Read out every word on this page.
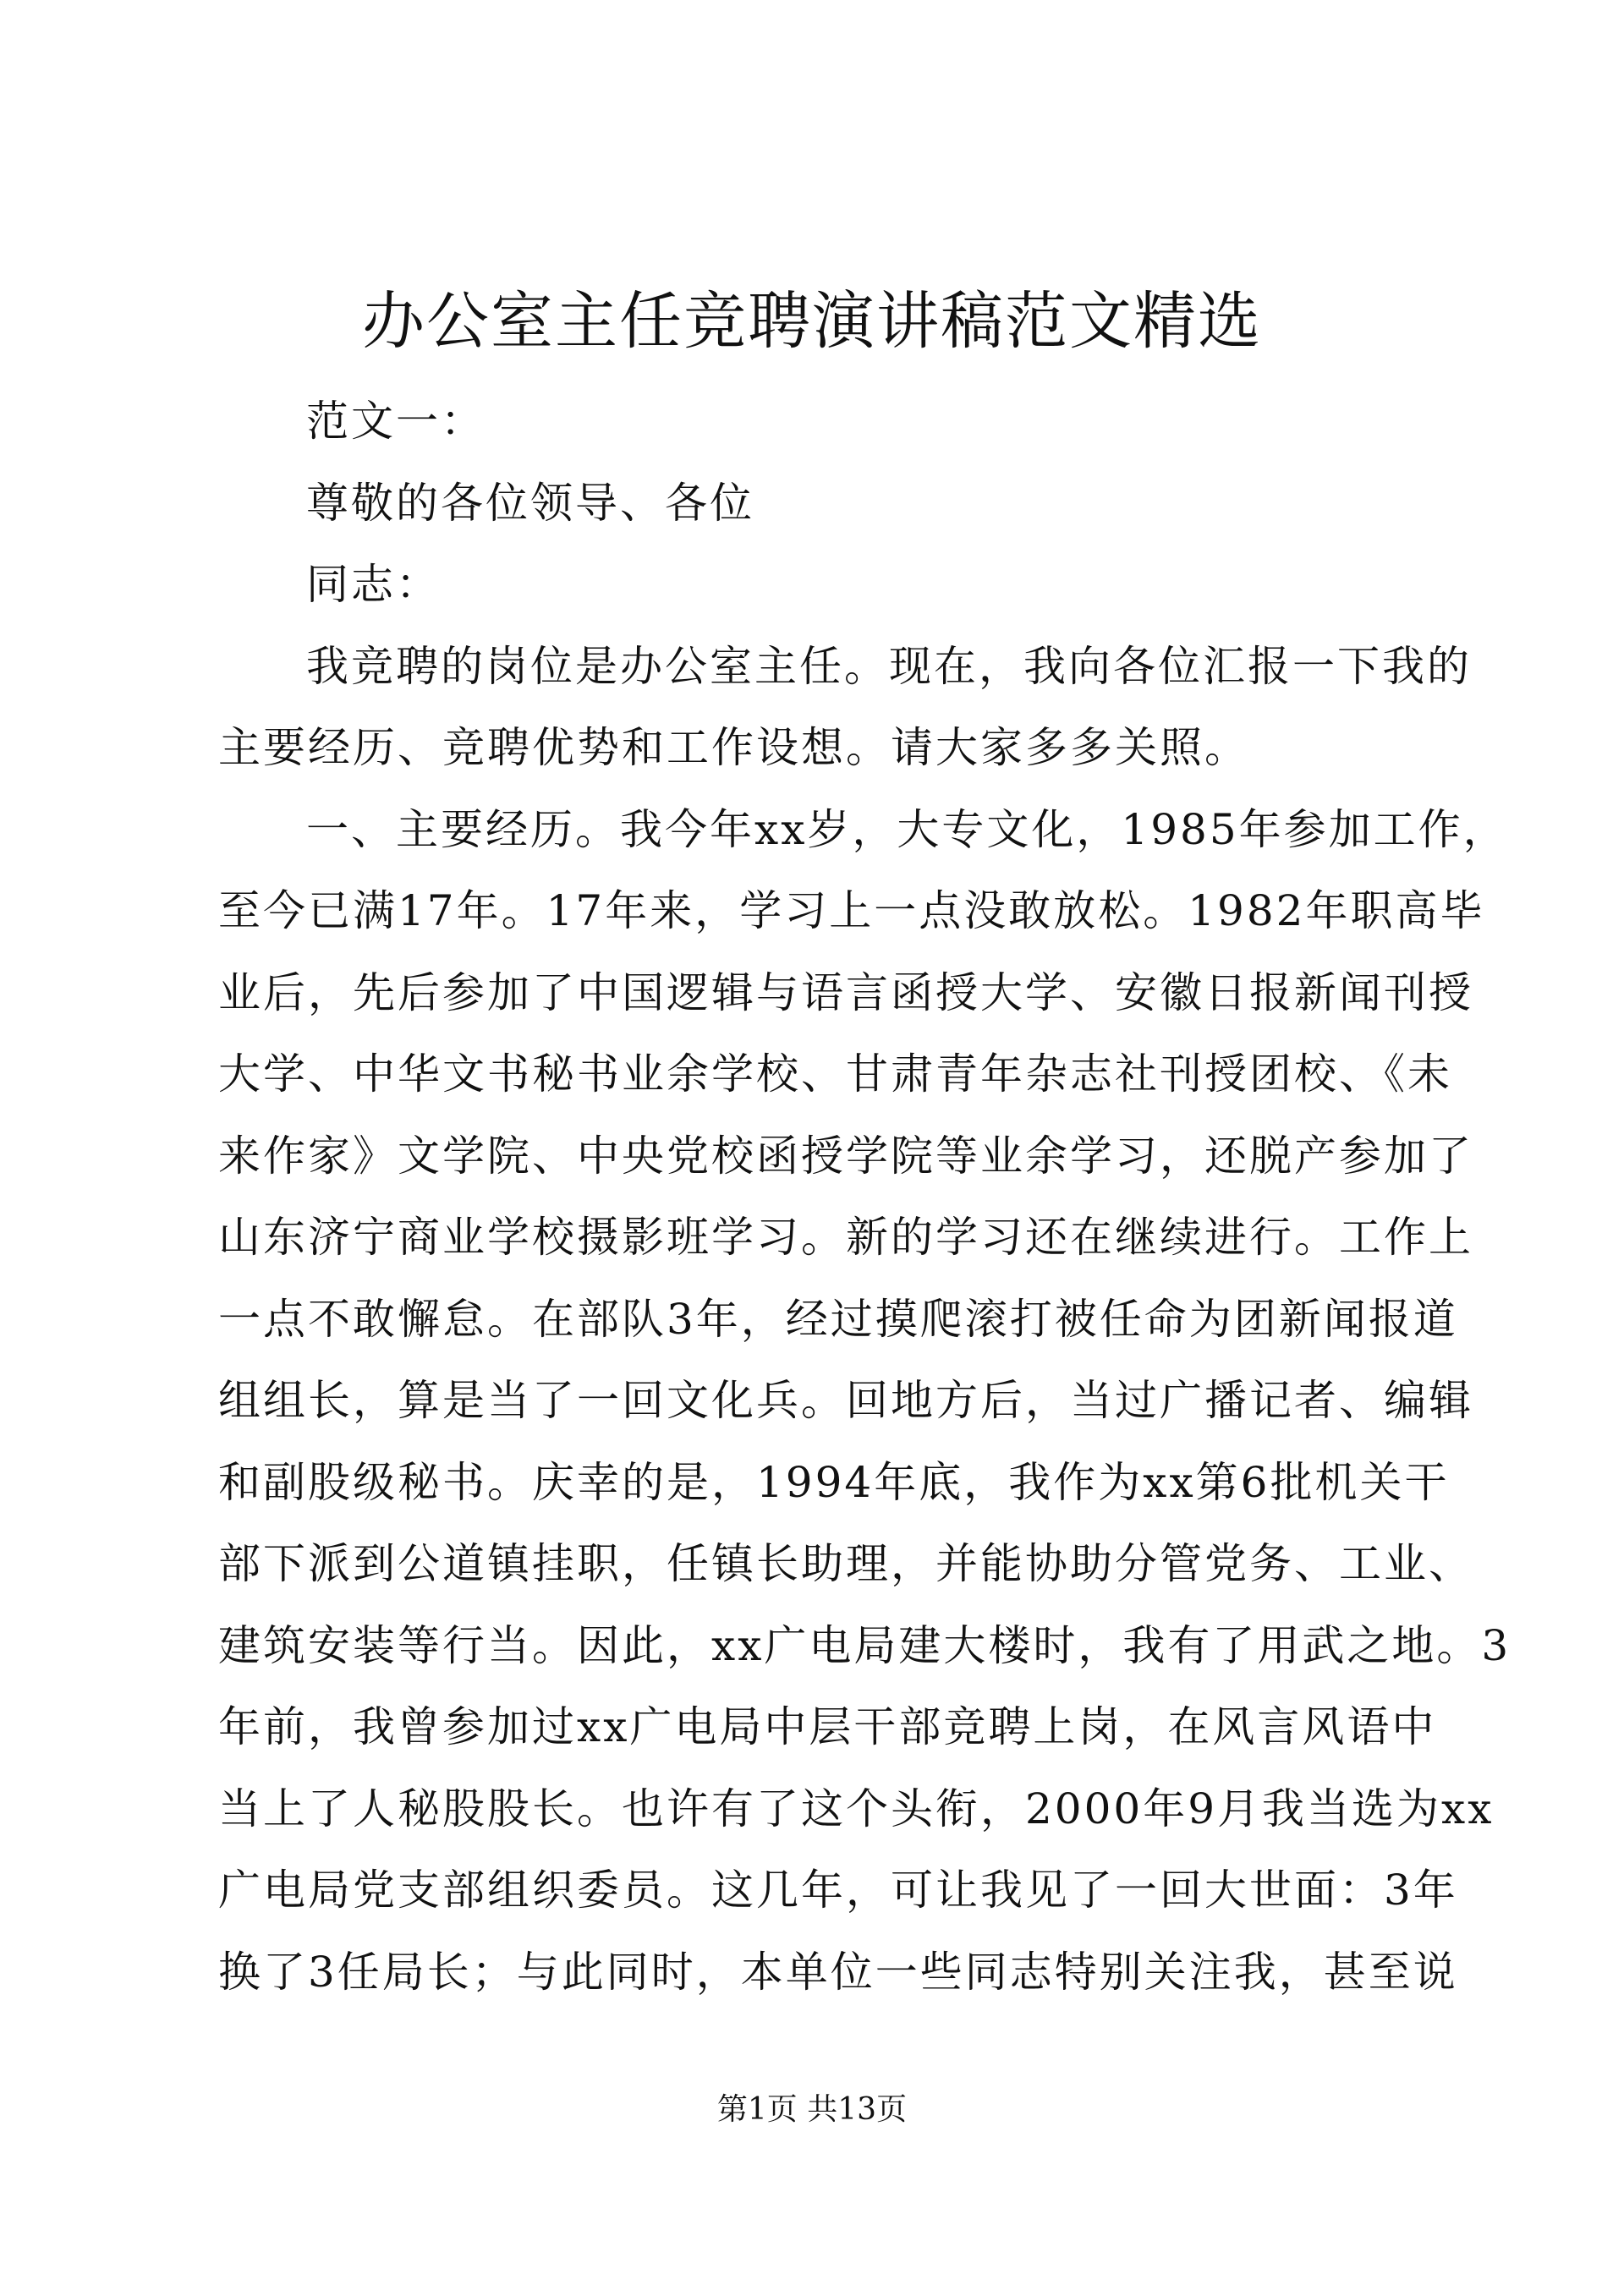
办公室主任竞聘演讲稿范文精选
范文一：
尊敬的各位领导、各位
同志：
我竞聘的岗位是办公室主任。现在，我向各位汇报一下我的
主要经历、竞聘优势和工作设想。请大家多多关照。
一、主要经历。我今年xx岁，大专文化，1985年参加工作，
至今已满17年。17年来，学习上一点没敢放松。1982年职高毕
业后，先后参加了中国逻辑与语言函授大学、安徽日报新闻刊授
大学、中华文书秘书业余学校、甘肃青年杂志社刊授团校、《未
来作家》文学院、中央党校函授学院等业余学习，还脱产参加了
山东济宁商业学校摄影班学习。新的学习还在继续进行。工作上
一点不敢懈怠。在部队3年，经过摸爬滚打被任命为团新闻报道
组组长，算是当了一回文化兵。回地方后，当过广播记者、编辑
和副股级秘书。庆幸的是，1994年底，我作为xx第6批机关干
部下派到公道镇挂职，任镇长助理，并能协助分管党务、工业、
建筑安装等行当。因此，xx广电局建大楼时，我有了用武之地。3
年前，我曾参加过xx广电局中层干部竞聘上岗，在风言风语中
当上了人秘股股长。也许有了这个头衔，2000年9月我当选为xx
广电局党支部组织委员。这几年，可让我见了一回大世面：3年
换了3任局长；与此同时，本单位一些同志特别关注我，甚至说
第1页 共13页
